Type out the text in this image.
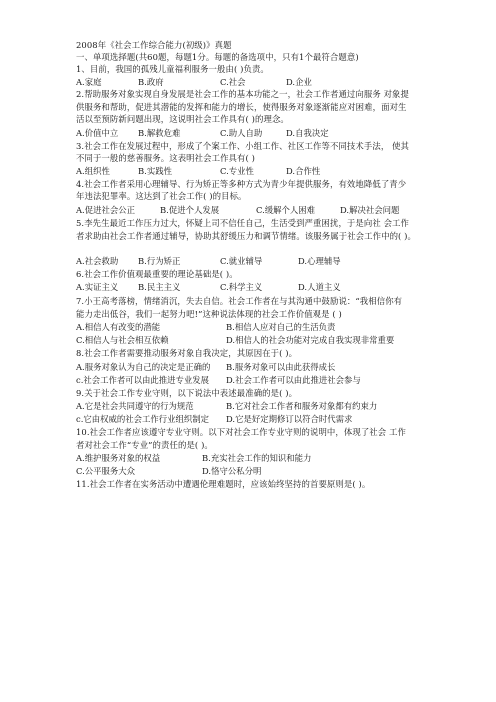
2008年《社会工作综合能力(初级)》真题
一、单项选择题(共60题，每题1分。每题的备选项中，只有1个最符合题意)
1、目前，我国的孤残儿童福利服务一般由( )负责。
A.家庭	B.政府	C.社会	D.企业
2.帮助服务对象实现自身发展是社会工作的基本功能之一，社会工作者通过向服务 对象提
供服务和帮助，促进其潜能的发挥和能力的增长，使得服务对象逐渐能应对困难，面对生
活以至预防新问题出现，这说明社会工作具有( )的理念。
A.价值中立 B.解救危难	C.助人自助	D.自我决定
3.社会工作在发展过程中，形成了个案工作、小组工作、社区工作等不同技术手法， 使其
不同于一般的慈善服务。这表明社会工作具有( )
A.组织性	B.实践性	C.专业性	D.合作性
4.社会工作者采用心理辅导、行为矫正等多种方式为青少年提供服务，有效地降低了青少
年违法犯罪率。这达到了社会工作( )的目标。
A.促进社会公正	B.促进个人发展	C.缓解个人困难	D.解决社会问题
5.李先生最近工作压力过大，怀疑上司不信任自己，生活受到严重困扰，于是向社 会工作
者求助由社会工作者通过辅导，协助其舒缓压力和调节情绪。该服务属于社会工作中的( )。
A.社会救助 B.行为矫正	C.就业辅导	D.心理辅导
6.社会工作价值观最重要的理论基础是( )。
A.实证主义 B.民主主义	C.科学主义	D.人道主义
7.小王高考落榜，情绪消沉，失去自信。社会工作者在与其沟通中鼓励说：“我相信你有
能力走出低谷，我们一起努力吧!”这种说法体现的社会工作价值观是 ( )
A.相信人有改变的潜能	B.相信人应对自己的生活负责
C.相信人与社会相互依赖	D.相信人的社会功能对完成自我实现非常重要
8.社会工作者需要推动服务对象自我决定，其原因在于( )。
A.服务对象认为自己的决定是正确的 B.服务对象可以由此获得成长
c.社会工作者可以由此推进专业发展 D.社会工作者可以由此推进社会参与
9.关于社会工作专业守则，以下说法中表述最准确的是( )。
A.它是社会共同遵守的行为规范	B.它对社会工作者和服务对象都有约束力
c.它由权威的社会工作行业组织制定 D.它是好定期修订以符合时代需求
10.社会工作者应该遵守专业守则。以下对社会工作专业守则的说明中，体现了社会 工作
者对社会工作“专业”的责任的是( )。
A.维护服务对象的权益	B.充实社会工作的知识和能力
C.公平服务大众	D.恪守公私分明
11.社会工作者在实务活动中遭遇伦理难题时，应该始终坚持的首要原则是( )。
